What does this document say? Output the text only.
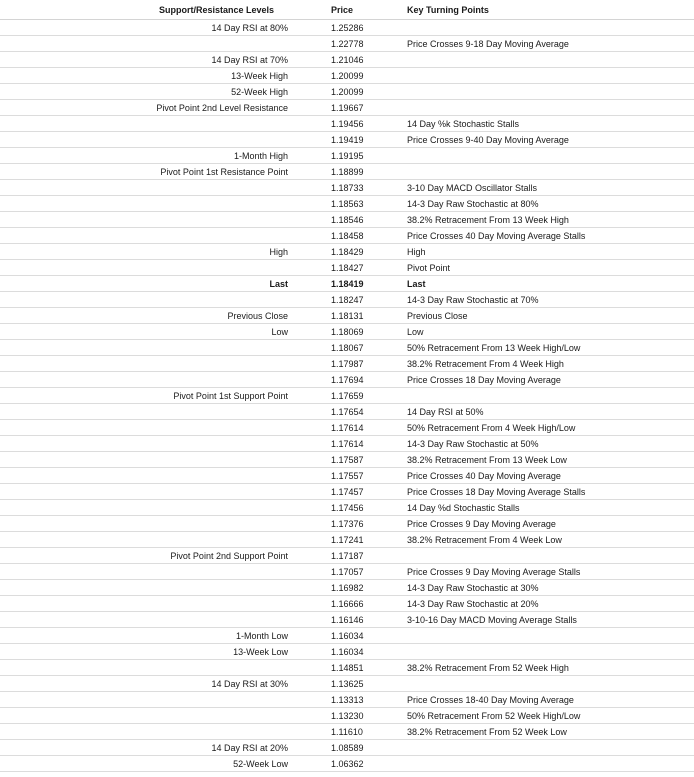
Support/Resistance Levels	Price	Key Turning Points
14 Day RSI at 80%	1.25286	
	1.22778	Price Crosses 9-18 Day Moving Average
14 Day RSI at 70%	1.21046	
13-Week High	1.20099	
52-Week High	1.20099	
Pivot Point 2nd Level Resistance	1.19667	
	1.19456	14 Day %k Stochastic Stalls
	1.19419	Price Crosses 9-40 Day Moving Average
1-Month High	1.19195	
Pivot Point 1st Resistance Point	1.18899	
	1.18733	3-10 Day MACD Oscillator Stalls
	1.18563	14-3 Day Raw Stochastic at 80%
	1.18546	38.2% Retracement From 13 Week High
	1.18458	Price Crosses 40 Day Moving Average Stalls
High	1.18429	High
	1.18427	Pivot Point
Last	1.18419	Last
	1.18247	14-3 Day Raw Stochastic at 70%
Previous Close	1.18131	Previous Close
Low	1.18069	Low
	1.18067	50% Retracement From 13 Week High/Low
	1.17987	38.2% Retracement From 4 Week High
	1.17694	Price Crosses 18 Day Moving Average
Pivot Point 1st Support Point	1.17659	
	1.17654	14 Day RSI at 50%
	1.17614	50% Retracement From 4 Week High/Low
	1.17614	14-3 Day Raw Stochastic at 50%
	1.17587	38.2% Retracement From 13 Week Low
	1.17557	Price Crosses 40 Day Moving Average
	1.17457	Price Crosses 18 Day Moving Average Stalls
	1.17456	14 Day %d Stochastic Stalls
	1.17376	Price Crosses 9 Day Moving Average
	1.17241	38.2% Retracement From 4 Week Low
Pivot Point 2nd Support Point	1.17187	
	1.17057	Price Crosses 9 Day Moving Average Stalls
	1.16982	14-3 Day Raw Stochastic at 30%
	1.16666	14-3 Day Raw Stochastic at 20%
	1.16146	3-10-16 Day MACD Moving Average Stalls
1-Month Low	1.16034	
13-Week Low	1.16034	
	1.14851	38.2% Retracement From 52 Week High
14 Day RSI at 30%	1.13625	
	1.13313	Price Crosses 18-40 Day Moving Average
	1.13230	50% Retracement From 52 Week High/Low
	1.11610	38.2% Retracement From 52 Week Low
14 Day RSI at 20%	1.08589	
52-Week Low	1.06362	
